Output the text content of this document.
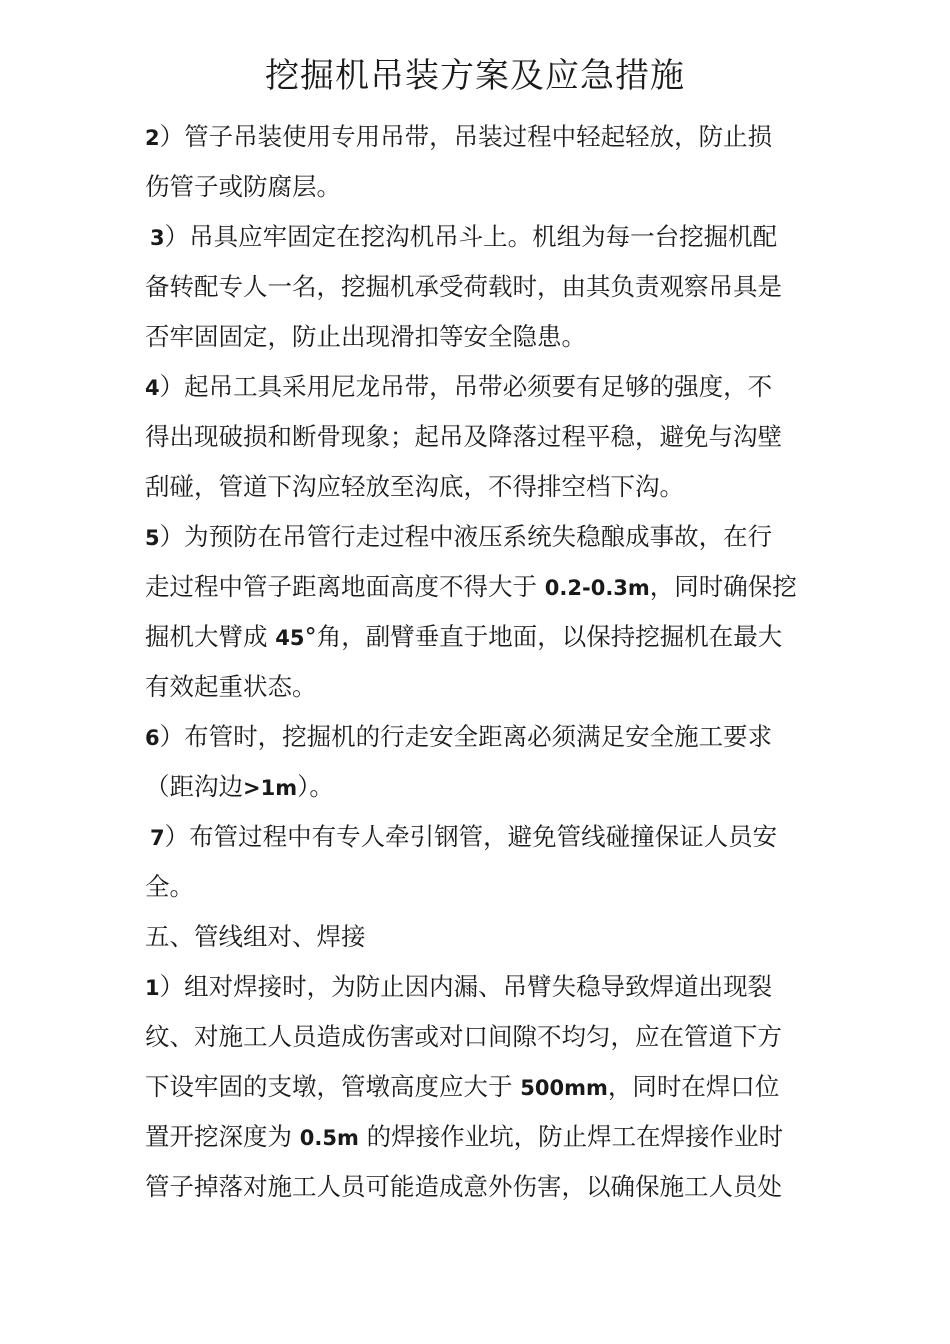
挖掘机吊装方案及应急措施
2）管子吊装使用专用吊带，吊装过程中轻起轻放，防止损
伤管子或防腐层。
3）吊具应牢固定在挖沟机吊斗上。机组为每一台挖掘机配
备转配专人一名，挖掘机承受荷载时，由其负责观察吊具是
否牢固固定，防止出现滑扣等安全隐患。
4）起吊工具采用尼龙吊带，吊带必须要有足够的强度，不
得出现破损和断骨现象；起吊及降落过程平稳，避免与沟壁
刮碰，管道下沟应轻放至沟底，不得排空档下沟。
5）为预防在吊管行走过程中液压系统失稳酿成事故，在行
走过程中管子距离地面高度不得大于 0.2-0.3m，同时确保挖
掘机大臂成 45°角，副臂垂直于地面，以保持挖掘机在最大
有效起重状态。
6）布管时，挖掘机的行走安全距离必须满足安全施工要求
（距沟边>1m）。
7）布管过程中有专人牵引钢管，避免管线碰撞保证人员安
全。
五、管线组对、焊接
1）组对焊接时，为防止因内漏、吊臂失稳导致焊道出现裂
纹、对施工人员造成伤害或对口间隙不均匀，应在管道下方
下设牢固的支墩，管墩高度应大于 500mm，同时在焊口位
置开挖深度为 0.5m 的焊接作业坑，防止焊工在焊接作业时
管子掉落对施工人员可能造成意外伤害，以确保施工人员处
